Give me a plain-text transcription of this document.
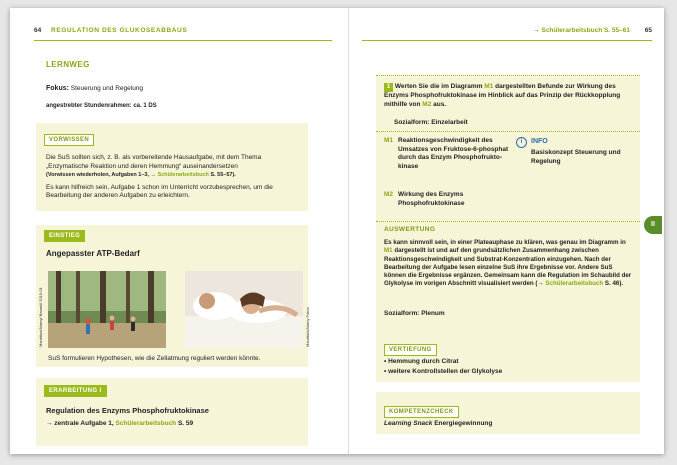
64 REGULATION DES GLUKOSEABBAUS	→ Schülerarbeitsbuch S. 55–61 65
LERNWEG
Fokus: Steuerung und Regelung
angestrebter Stundenrahmen: ca. 1 DS
VORWISSEN
Die SuS sollten sich, z. B. als vorbereitende Hausaufgabe, mit dem Thema „Enzymatische Reaktion und deren Hemmung“ auseinandersetzen
(Vorwissen wiederholen, Aufgaben 1–3, → Schülerarbeitsbuch S. 55–57).
Es kann hilfreich sein, Aufgabe 1 schon im Unterricht vorzubesprechen, um die Bearbeitung der anderen Aufgaben zu erleichtern.
EINSTIEG
Angepasster ATP-Bedarf
Mauritius/Alamy/ Baumli/ 2019-01	Mauritius/Alamy Fotos
SuS formulieren Hypothesen, wie die Zellatmung reguliert werden könnte.
ERARBEITUNG I
Regulation des Enzyms Phosphofruktokinase
→ zentrale Aufgabe 1, Schülerarbeitsbuch S. 59
1 Werten Sie die im Diagramm M1 dargestellten Befunde zur Wirkung des Enzyms Phosphofruktokinase im Hinblick auf das Prinzip der Rückkopplung mithilfe von M2 aus.
Sozialform: Einzelarbeit
M1 Reaktionsgeschwindigkeit des Umsatzes von Fruktose-6-phosphat durch das Enzym Phosphofrukto-kinase
M2 Wirkung des Enzyms Phosphofruktokinase
i	INFO
Basiskonzept Steuerung und Regelung
AUSWERTUNG
Es kann sinnvoll sein, in einer Plateauphase zu klären, was genau im Diagramm in M1 dargestellt ist und auf den grundsätzlichen Zusammenhang zwischen Reaktionsgeschwindigkeit und Substrat-Konzentration einzugehen. Nach der Bearbeitung der Aufgabe lesen einzelne SuS ihre Ergebnisse vor. Andere SuS können die Ergebnisse ergänzen. Gemeinsam kann die Regulation im Schaubild der Glykolyse im vorigen Abschnitt visualisiert werden (→ Schülerarbeitsbuch S. 46).
Sozialform: Plenum
VERTIEFUNG
• Hemmung durch Citrat
• weitere Kontrollstellen der Glykolyse
KOMPETENZCHECK
Learning Snack Energiegewinnung
II
